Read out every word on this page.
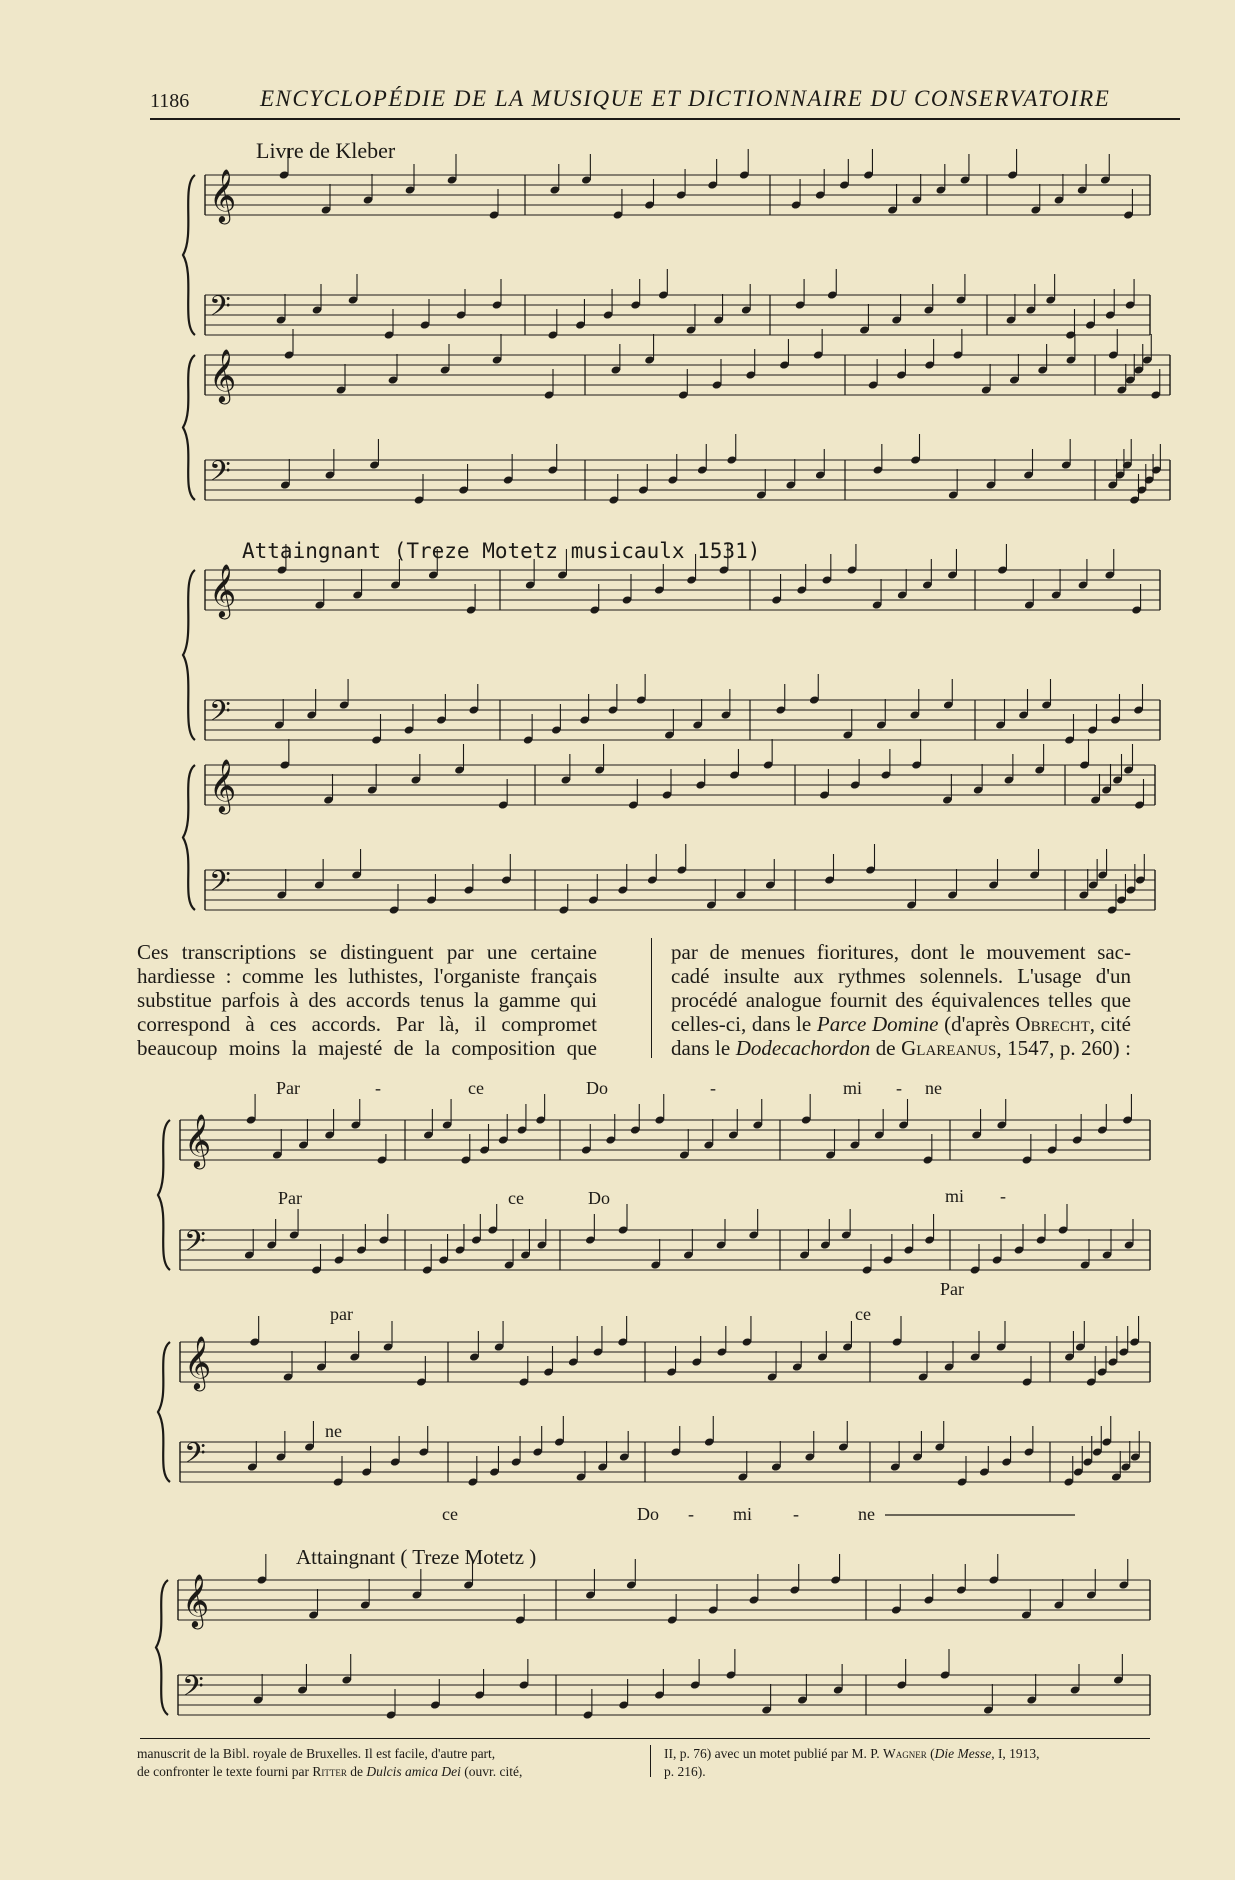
1186	ENCYCLOPÉDIE DE LA MUSIQUE ET DICTIONNAIRE DU CONSERVATOIRE
Livre de Kleber
𝄞
𝄢
𝄞
𝄢
Attaingnant (Treze Motetz musicaulx 1531)
𝄞
𝄢
𝄞
𝄢
Ces transcriptions se distinguent par une certaine
hardiesse : comme les luthistes, l'organiste français
substitue parfois à des accords tenus la gamme qui
correspond à ces accords. Par là, il compromet
beaucoup moins la majesté de la composition que
par de menues fioritures, dont le mouvement sac-
cadé insulte aux rythmes solennels. L'usage d'un
procédé analogue fournit des équivalences telles que
celles-ci, dans le Parce Domine (d'après Obrecht, cité
dans le Dodecachordon de Glareanus, 1547, p. 260) :
Par	-	ce	Do	-	mi - ne
Par	ce	Do	mi -
Par
𝄞
𝄢
par	ce
ne
𝄞
𝄢
ce	Do - mi -	ne
Attaingnant ( Treze Motetz )
𝄞
𝄢
manuscrit de la Bibl. royale de Bruxelles. Il est facile, d'autre part,
de confronter le texte fourni par Ritter de Dulcis amica Dei (ouvr. cité,
II, p. 76) avec un motet publié par M. P. Wagner (Die Messe, I, 1913,
p. 216).
